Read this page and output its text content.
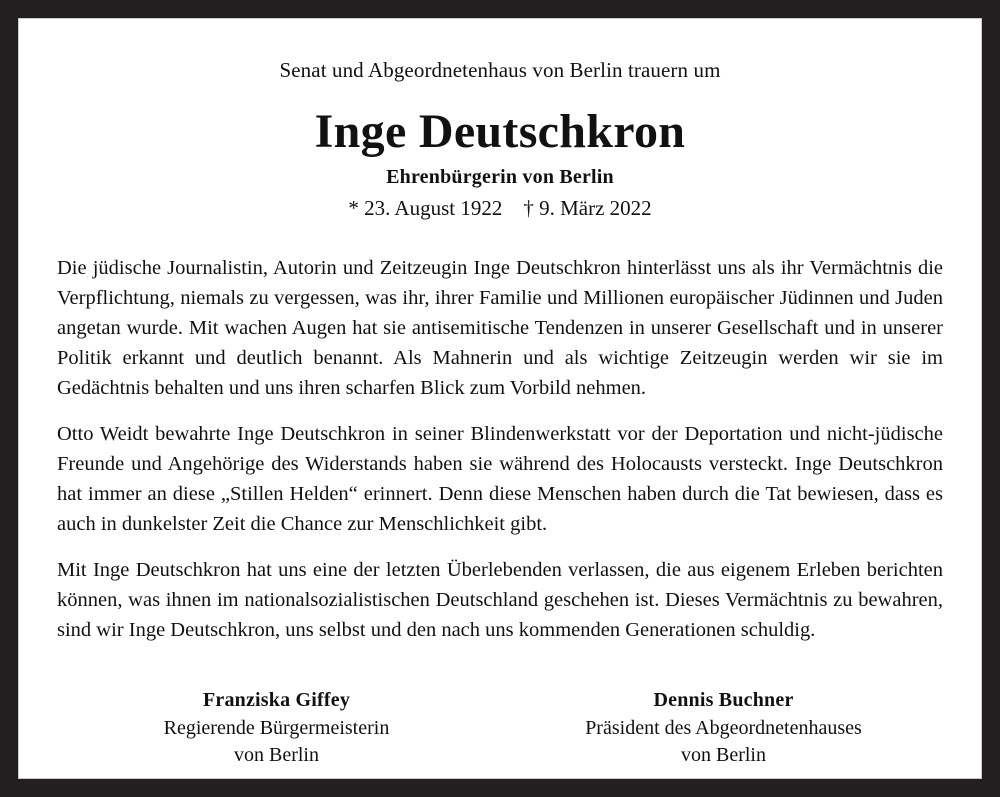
Senat und Abgeordnetenhaus von Berlin trauern um

Inge Deutschkron

Ehrenbürgerin von Berlin

* 23. August 1922    † 9. März 2022

Die jüdische Journalistin, Autorin und Zeitzeugin Inge Deutschkron hinterlässt uns als ihr Vermächtnis die Verpflichtung, niemals zu vergessen, was ihr, ihrer Familie und Millionen europäischer Jüdinnen und Juden angetan wurde. Mit wachen Augen hat sie antisemitische Tendenzen in unserer Gesellschaft und in unserer Politik erkannt und deutlich benannt. Als Mahnerin und als wichtige Zeitzeugin werden wir sie im Gedächtnis behalten und uns ihren scharfen Blick zum Vorbild nehmen.

Otto Weidt bewahrte Inge Deutschkron in seiner Blindenwerkstatt vor der Deportation und nicht-jüdische Freunde und Angehörige des Widerstands haben sie während des Holocausts versteckt. Inge Deutschkron hat immer an diese „Stillen Helden“ erinnert. Denn diese Menschen haben durch die Tat bewiesen, dass es auch in dunkelster Zeit die Chance zur Menschlichkeit gibt.

Mit Inge Deutschkron hat uns eine der letzten Überlebenden verlassen, die aus eigenem Erleben berichten können, was ihnen im nationalsozialistischen Deutschland geschehen ist. Dieses Vermächtnis zu bewahren, sind wir Inge Deutschkron, uns selbst und den nach uns kommenden Generationen schuldig.

Franziska Giffey

Regierende Bürgermeisterin

von Berlin

Dennis Buchner

Präsident des Abgeordnetenhauses

von Berlin
